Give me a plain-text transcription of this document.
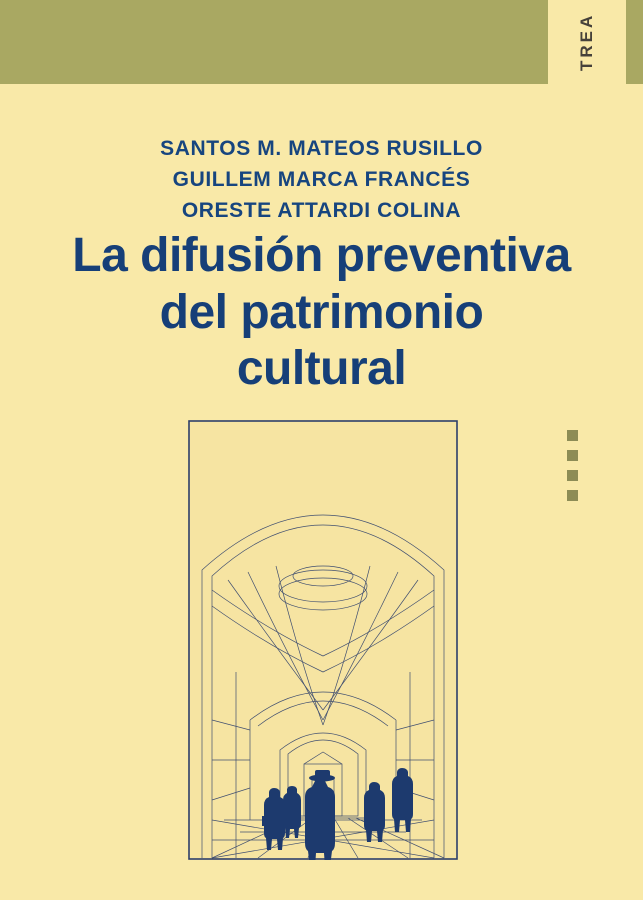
TREA
SANTOS M. MATEOS RUSILLO
GUILLEM MARCA FRANCÉS
ORESTE ATTARDI COLINA
La difusión preventiva
del patrimonio
cultural
